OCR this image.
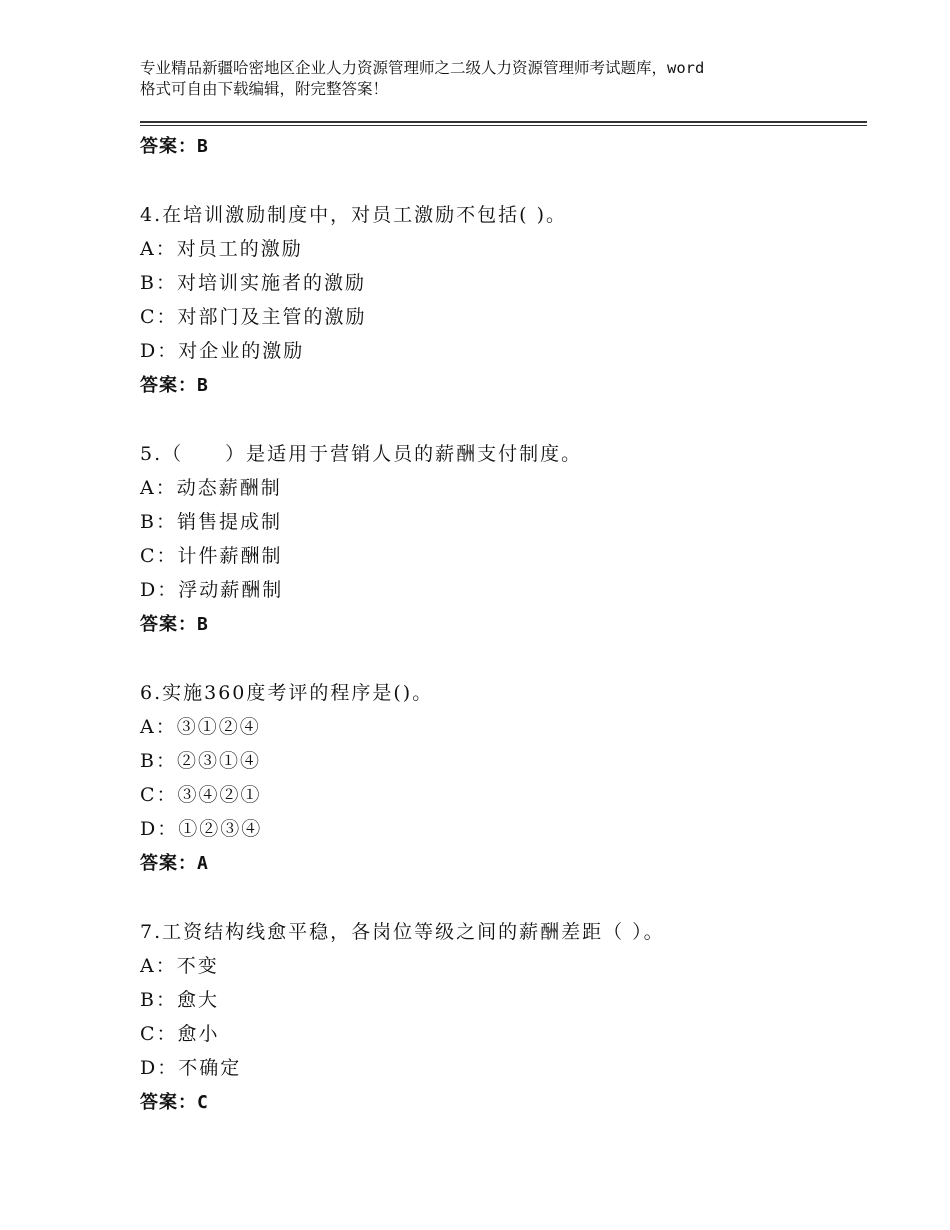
专业精品新疆哈密地区企业人力资源管理师之二级人力资源管理师考试题库，word
格式可自由下载编辑，附完整答案！
答案：B
4.在培训激励制度中，对员工激励不包括( )。
A：对员工的激励
B：对培训实施者的激励
C：对部门及主管的激励
D：对企业的激励
答案：B
5.（　　）是适用于营销人员的薪酬支付制度。
A：动态薪酬制
B：销售提成制
C：计件薪酬制
D：浮动薪酬制
答案：B
6.实施360度考评的程序是()。
A：③①②④
B：②③①④
C：③④②①
D：①②③④
答案：A
7.工资结构线愈平稳，各岗位等级之间的薪酬差距（ ）。
A：不变
B：愈大
C：愈小
D：不确定
答案：C
